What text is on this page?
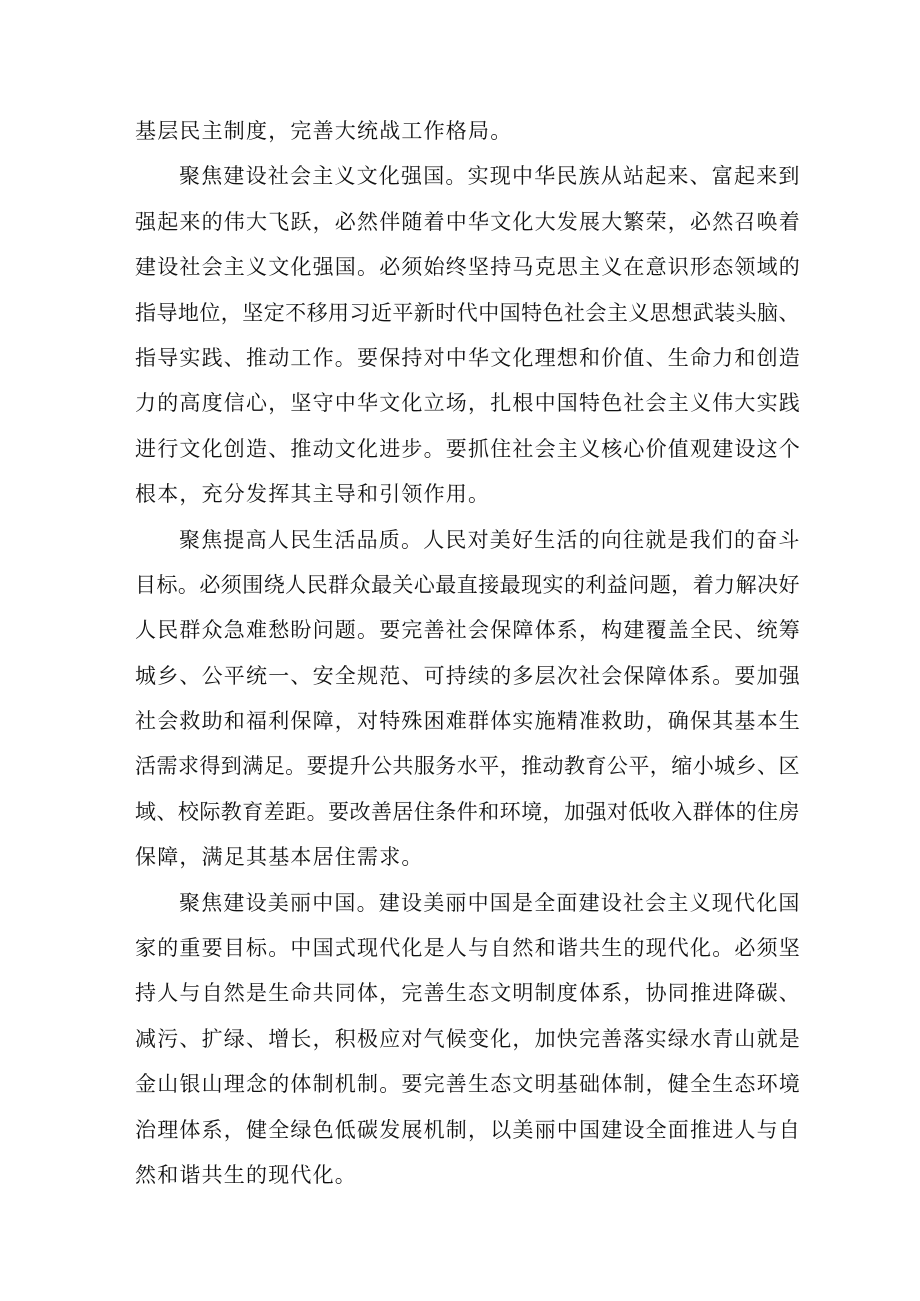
基层民主制度，完善大统战工作格局。
聚焦建设社会主义文化强国。实现中华民族从站起来、富起来到
强起来的伟大飞跃，必然伴随着中华文化大发展大繁荣，必然召唤着
建设社会主义文化强国。必须始终坚持马克思主义在意识形态领域的
指导地位，坚定不移用习近平新时代中国特色社会主义思想武装头脑、
指导实践、推动工作。要保持对中华文化理想和价值、生命力和创造
力的高度信心，坚守中华文化立场，扎根中国特色社会主义伟大实践
进行文化创造、推动文化进步。要抓住社会主义核心价值观建设这个
根本，充分发挥其主导和引领作用。
聚焦提高人民生活品质。人民对美好生活的向往就是我们的奋斗
目标。必须围绕人民群众最关心最直接最现实的利益问题，着力解决好
人民群众急难愁盼问题。要完善社会保障体系，构建覆盖全民、统筹
城乡、公平统一、安全规范、可持续的多层次社会保障体系。要加强
社会救助和福利保障，对特殊困难群体实施精准救助，确保其基本生
活需求得到满足。要提升公共服务水平，推动教育公平，缩小城乡、区
域、校际教育差距。要改善居住条件和环境，加强对低收入群体的住房
保障，满足其基本居住需求。
聚焦建设美丽中国。建设美丽中国是全面建设社会主义现代化国
家的重要目标。中国式现代化是人与自然和谐共生的现代化。必须坚
持人与自然是生命共同体，完善生态文明制度体系，协同推进降碳、
减污、扩绿、增长，积极应对气候变化，加快完善落实绿水青山就是
金山银山理念的体制机制。要完善生态文明基础体制，健全生态环境
治理体系，健全绿色低碳发展机制，以美丽中国建设全面推进人与自
然和谐共生的现代化。
